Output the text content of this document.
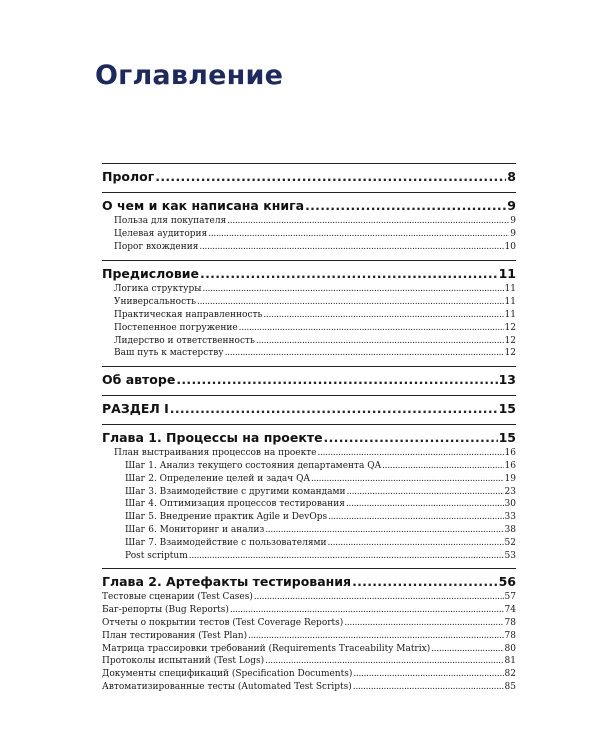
Оглавление
Пролог .....	8
О чем и как написана книга .....	9
Польза для покупателя .....	9
Целевая аудитория .....	9
Порог вхождения .....	10
Предисловие .....	11
Логика структуры .....	11
Универсальность .....	11
Практическая направленность .....	11
Постепенное погружение .....	12
Лидерство и ответственность .....	12
Ваш путь к мастерству .....	12
Об авторе .....	13
РАЗДЕЛ I .....	15
Глава 1. Процессы на проекте .....	15
План выстраивания процессов на проекте .....	16
Шаг 1. Анализ текущего состояния департамента QA .....	16
Шаг 2. Определение целей и задач QA .....	19
Шаг 3. Взаимодействие с другими командами .....	23
Шаг 4. Оптимизация процессов тестирования .....	30
Шаг 5. Внедрение практик Agile и DevOps .....	33
Шаг 6. Мониторинг и анализ .....	38
Шаг 7. Взаимодействие с пользователями .....	52
Post scriptum .....	53
Глава 2. Артефакты тестирования .....	56
Тестовые сценарии (Test Cases) .....	57
Баг-репорты (Bug Reports) .....	74
Отчеты о покрытии тестов (Test Coverage Reports) .....	78
План тестирования (Test Plan) .....	78
Матрица трассировки требований (Requirements Traceability Matrix) .....	80
Протоколы испытаний (Test Logs) .....	81
Документы спецификаций (Specification Documents) .....	82
Автоматизированные тесты (Automated Test Scripts) .....	85
